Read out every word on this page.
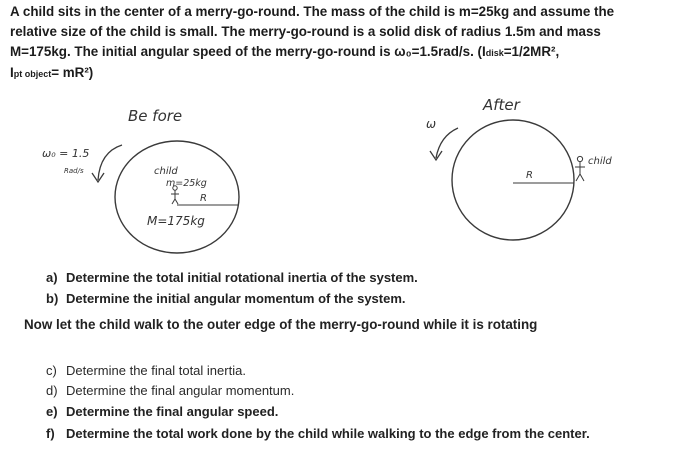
A child sits in the center of a merry-go-round. The mass of the child is m=25kg and assume the
relative size of the child is small. The merry-go-round is a solid disk of radius 1.5m and mass
M=175kg. The initial angular speed of the merry-go-round is ω₀=1.5rad/s. (Idisk=1/2MR²,
Ipt object= mR²)
Be fore
child
m=25kg
R
M=175kg
ω₀ = 1.5
Rad/s
After
R
ω
child
a) Determine the total initial rotational inertia of the system.
b) Determine the initial angular momentum of the system.
Now let the child walk to the outer edge of the merry-go-round while it is rotating
c) Determine the final total inertia.
d) Determine the final angular momentum.
e) Determine the final angular speed.
f) Determine the total work done by the child while walking to the edge from the center.
